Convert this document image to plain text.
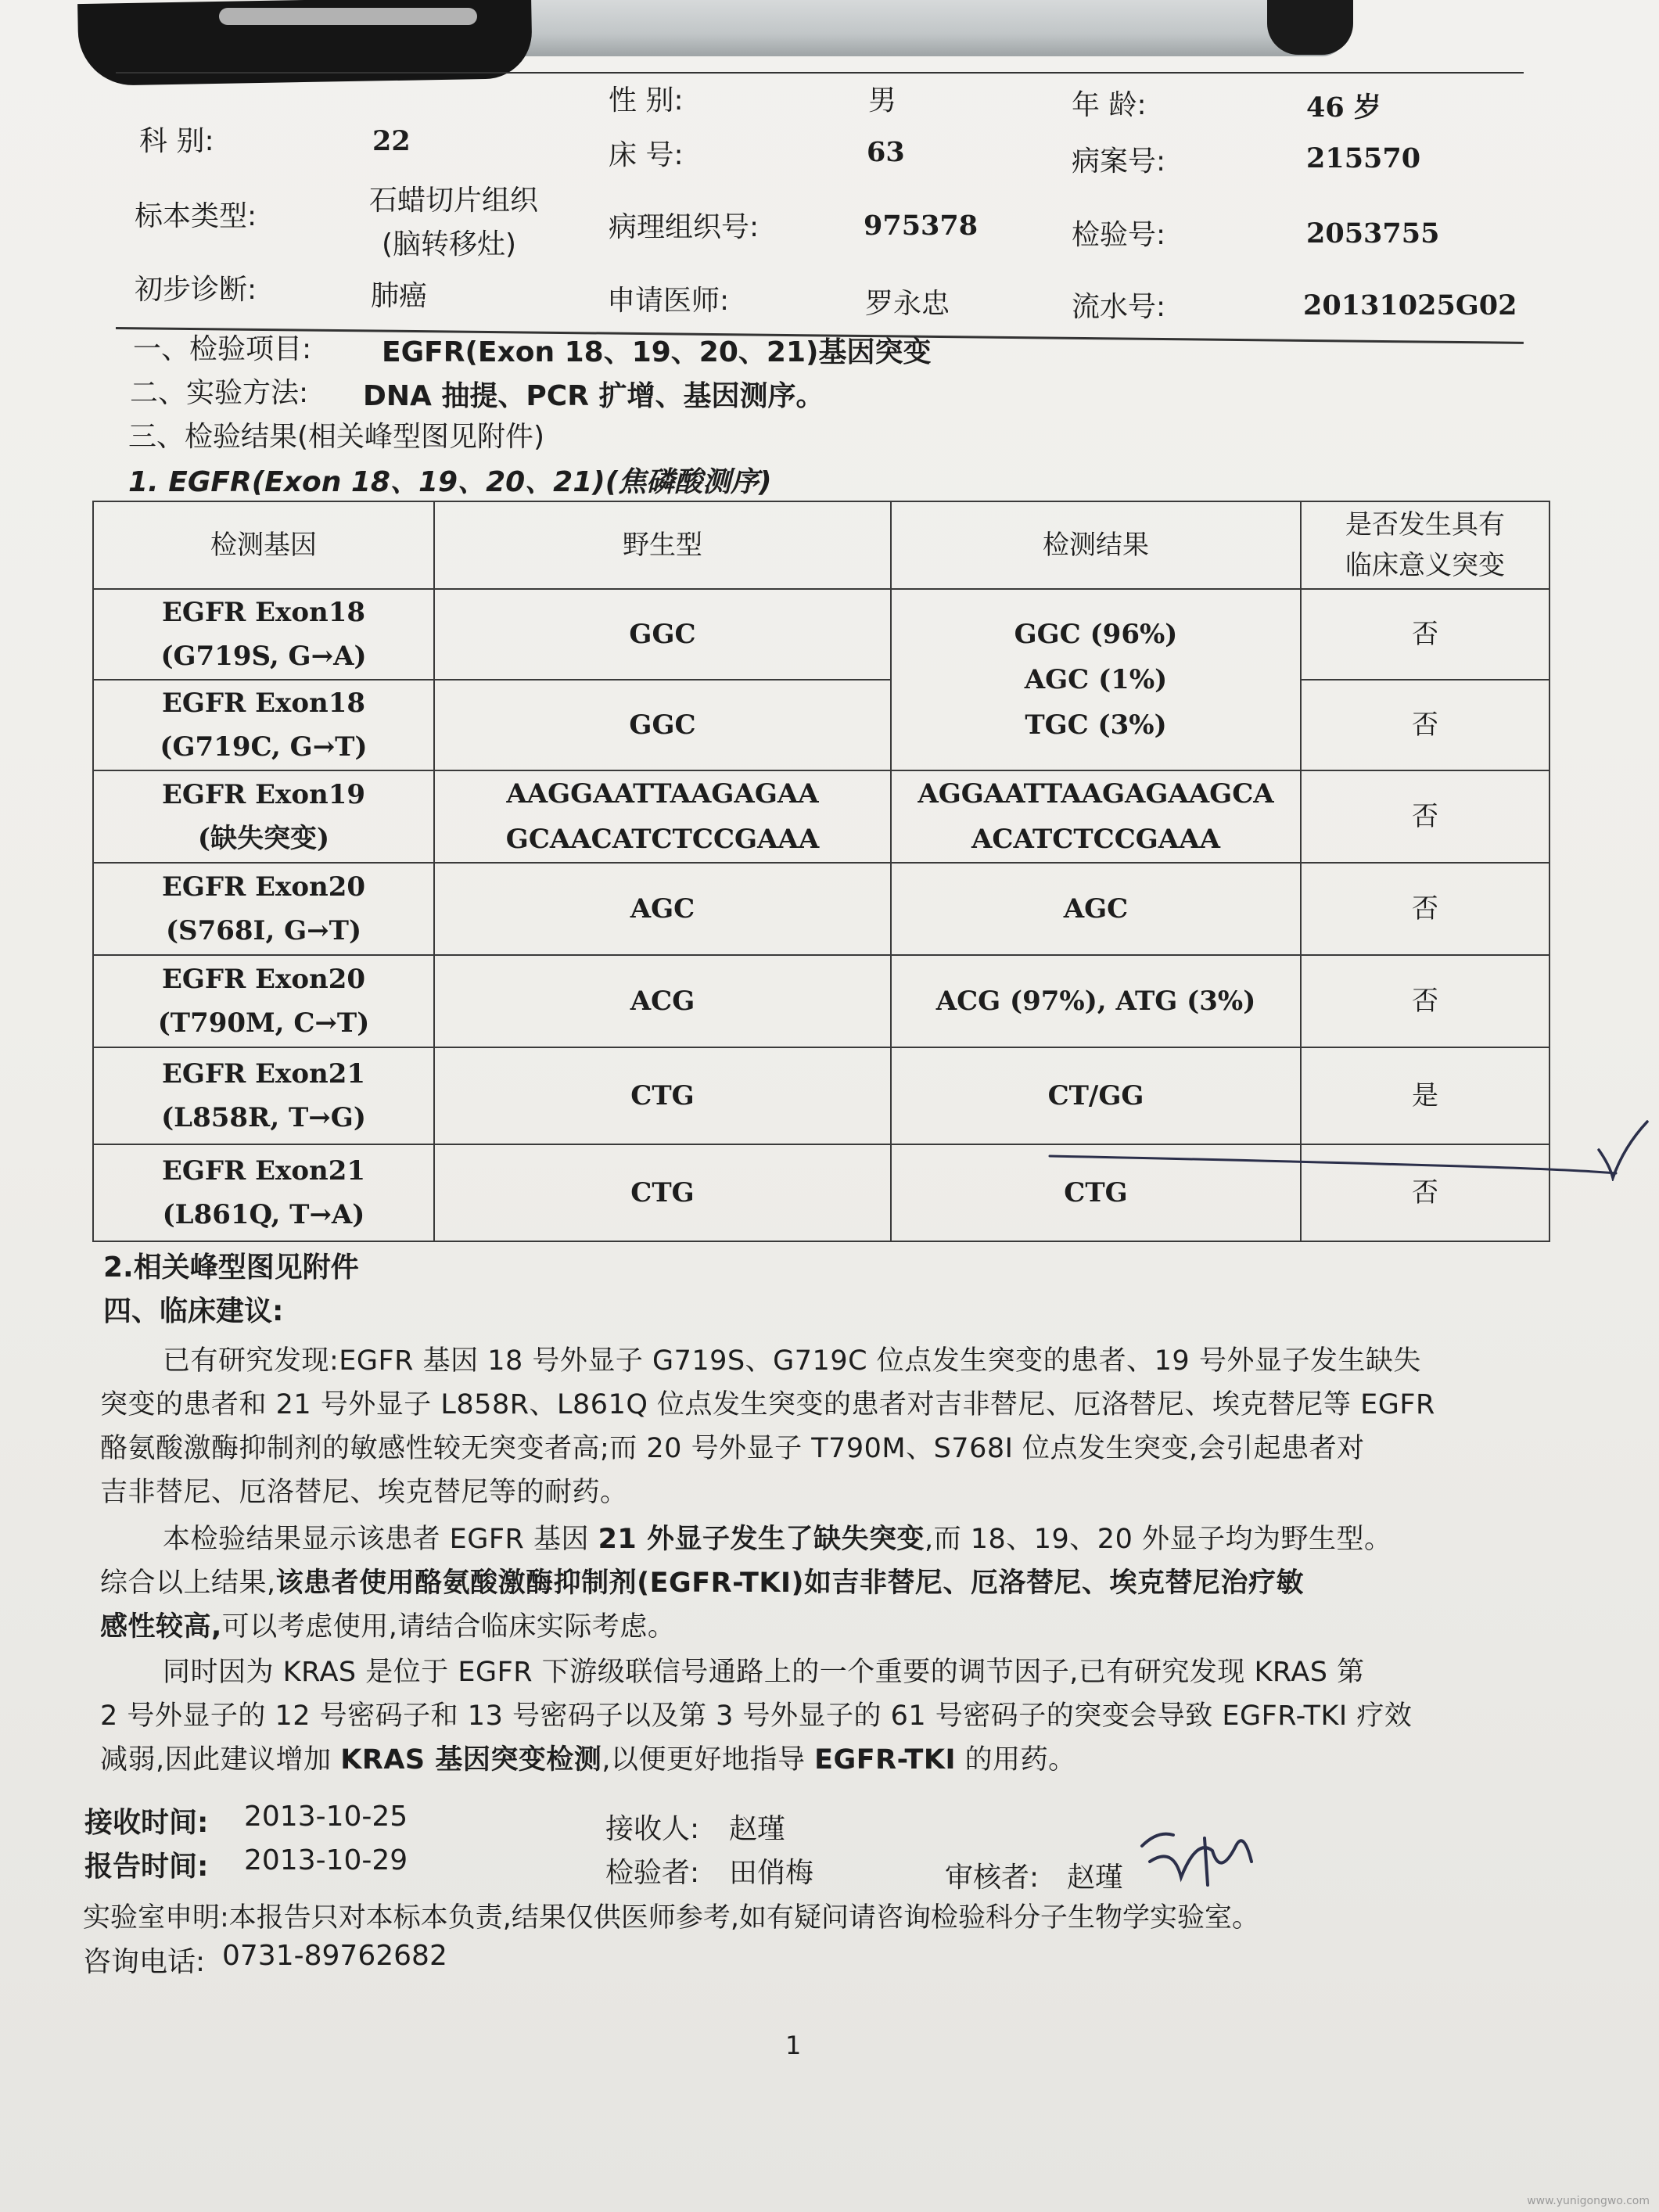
性 别:	男	年 龄:	46 岁
科 别:	22	床 号:	63	病案号:	215570
标本类型:	石蜡切片组织
(脑转移灶)
病理组织号:	975378	检验号:	2053755
初步诊断:	肺癌	申请医师:	罗永忠	流水号:	20131025G02
一、检验项目: EGFR(Exon 18、19、20、21)基因突变
二、实验方法: DNA 抽提、PCR 扩增、基因测序。
三、检验结果(相关峰型图见附件)
1. EGFR(Exon 18、19、20、21)(焦磷酸测序)
检测基因	野生型	检测结果	是否发生具有
临床意义突变
EGFR Exon18
(G719S, G→A)	GGC	GGC (96%)
AGC (1%)
TGC (3%)	否
EGFR Exon18
(G719C, G→T)	GGC		否
EGFR Exon19
(缺失突变)	AAGGAATTAAGAGAA
GCAACATCTCCGAAA	AGGAATTAAGAGAAGCA
ACATCTCCGAAA	否
EGFR Exon20
(S768I, G→T)	AGC	AGC	否
EGFR Exon20
(T790M, C→T)	ACG	ACG (97%), ATG (3%)	否
EGFR Exon21
(L858R, T→G)	CTG	CT/GG	是
EGFR Exon21
(L861Q, T→A)	CTG	CTG	否
2.相关峰型图见附件
四、临床建议:
已有研究发现:EGFR 基因 18 号外显子 G719S、G719C 位点发生突变的患者、19 号外显子发生缺失
突变的患者和 21 号外显子 L858R、L861Q 位点发生突变的患者对吉非替尼、厄洛替尼、埃克替尼等 EGFR
酪氨酸激酶抑制剂的敏感性较无突变者高;而 20 号外显子 T790M、S768I 位点发生突变,会引起患者对
吉非替尼、厄洛替尼、埃克替尼等的耐药。
本检验结果显示该患者 EGFR 基因 21 外显子发生了缺失突变,而 18、19、20 外显子均为野生型。
综合以上结果,该患者使用酪氨酸激酶抑制剂(EGFR-TKI)如吉非替尼、厄洛替尼、埃克替尼治疗敏
感性较高,可以考虑使用,请结合临床实际考虑。
同时因为 KRAS 是位于 EGFR 下游级联信号通路上的一个重要的调节因子,已有研究发现 KRAS 第
2 号外显子的 12 号密码子和 13 号密码子以及第 3 号外显子的 61 号密码子的突变会导致 EGFR-TKI 疗效
减弱,因此建议增加 KRAS 基因突变检测,以便更好地指导 EGFR-TKI 的用药。
接收时间: 2013-10-25	接收人: 赵瑾
报告时间: 2013-10-29	检验者: 田俏梅	审核者: 赵瑾
实验室申明:本报告只对本标本负责,结果仅供医师参考,如有疑问请咨询检验科分子生物学实验室。
咨询电话: 0731-89762682
1
www.yunigongwo.com
